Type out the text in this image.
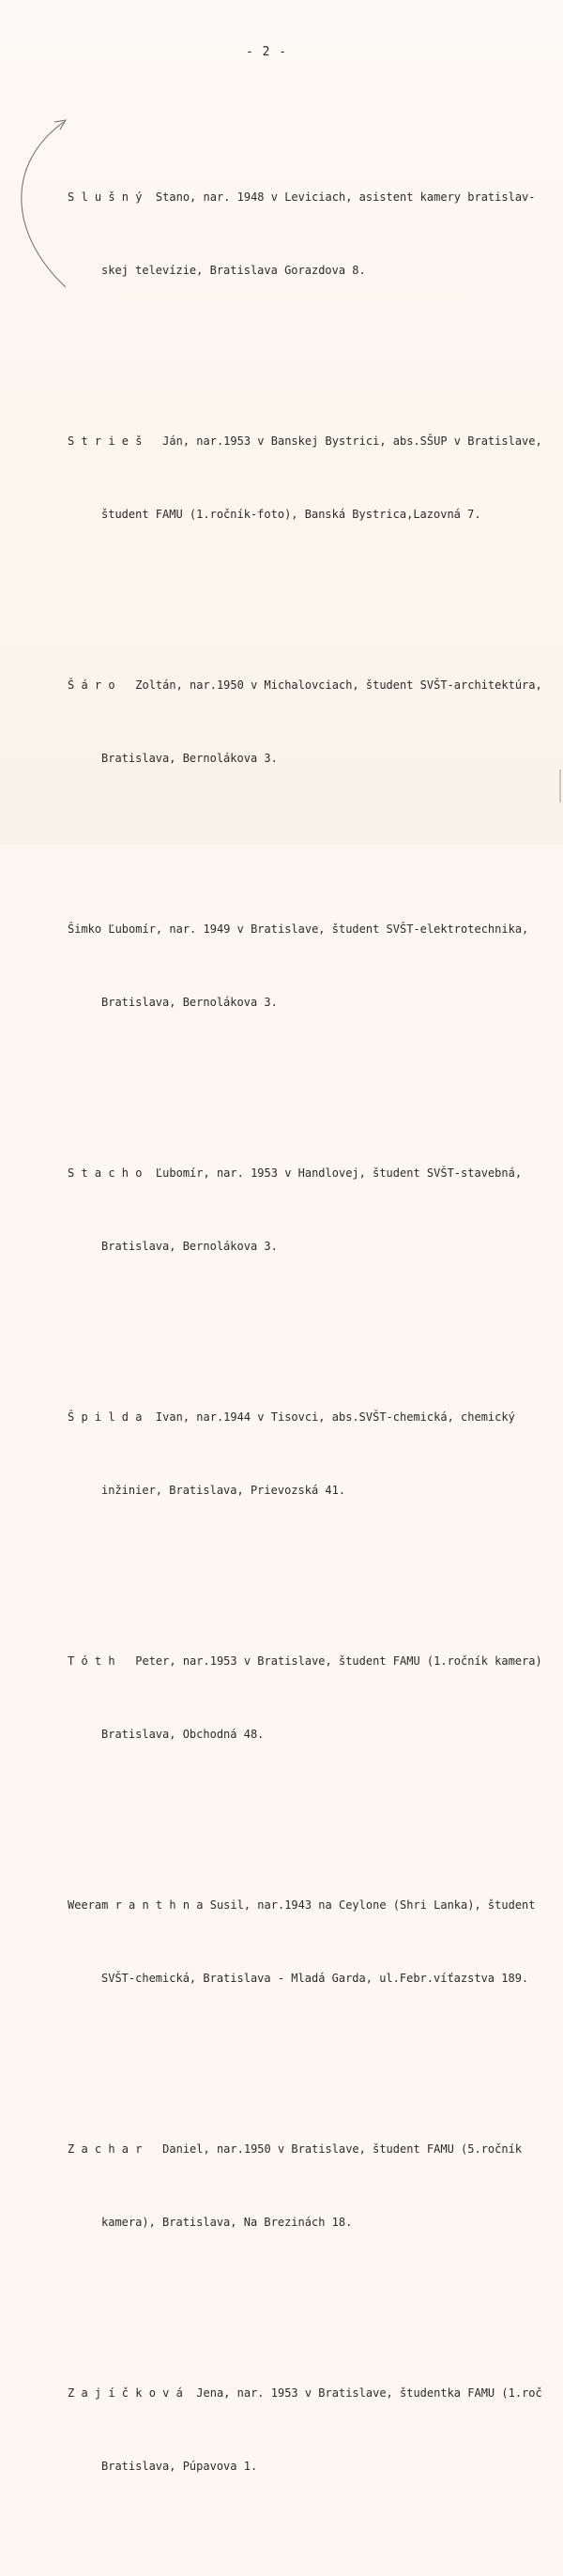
- 2 -

S l u š n ý  Stano, nar. 1948 v Leviciach, asistent kamery bratislav-

skej televízie, Bratislava Gorazdova 8.

S t r i e š   Ján, nar.1953 v Banskej Bystrici, abs.SŠUP v Bratislave,

študent FAMU (1.ročník-foto), Banská Bystrica,Lazovná 7.

Š á r o   Zoltán, nar.1950 v Michalovciach, študent SVŠT-architektúra,

Bratislava, Bernolákova 3.

Šimko Ľubomír, nar. 1949 v Bratislave, študent SVŠT-elektrotechnika,

Bratislava, Bernolákova 3.

S t a c h o  Ľubomír, nar. 1953 v Handlovej, študent SVŠT-stavebná,

Bratislava, Bernolákova 3.

Š p i l d a  Ivan, nar.1944 v Tisovci, abs.SVŠT-chemická, chemický

inžinier, Bratislava, Prievozská 41.

T ó t h   Peter, nar.1953 v Bratislave, študent FAMU (1.ročník kamera)

Bratislava, Obchodná 48.

Weeram r a n t h n a Susil, nar.1943 na Ceylone (Shri Lanka), študent

SVŠT-chemická, Bratislava - Mladá Garda, ul.Febr.víťazstva 189.

Z a c h a r   Daniel, nar.1950 v Bratislave, študent FAMU (5.ročník

kamera), Bratislava, Na Brezinách 18.

Z a j í č k o v á  Jena, nar. 1953 v Bratislave, študentka FAMU (1.roč

Bratislava, Púpavova 1.
